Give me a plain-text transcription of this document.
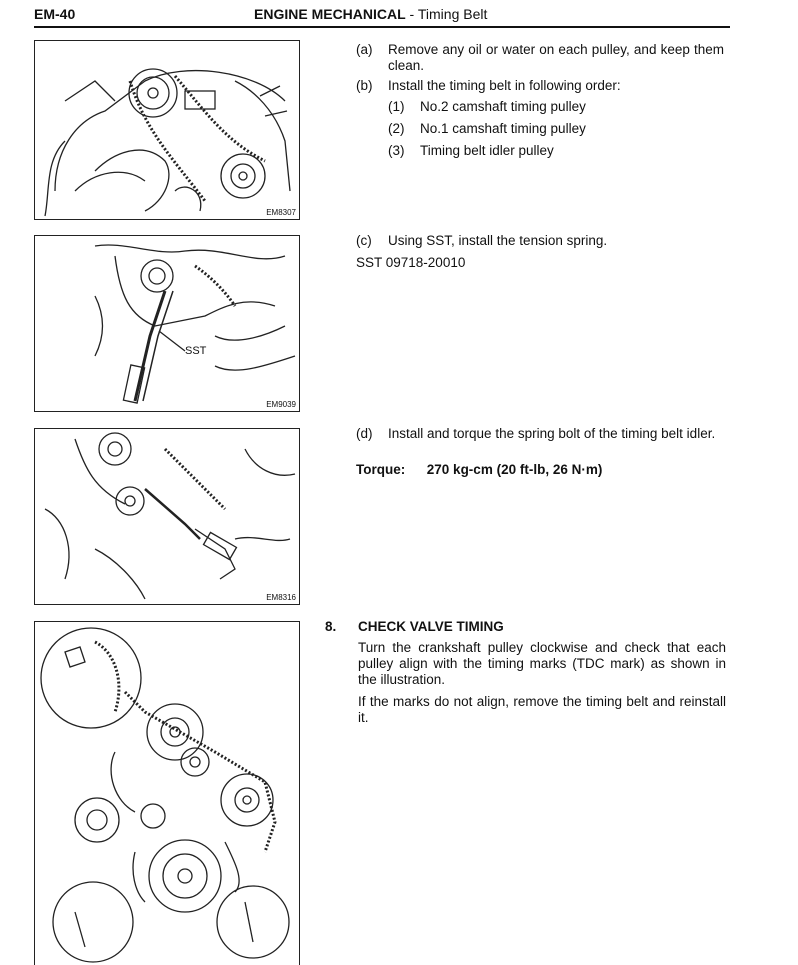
EM-40	ENGINE MECHANICAL - Timing Belt
EM8307
SST
EM9039
EM8316
(a) Remove any oil or water on each pulley, and keep them clean.
(b) Install the timing belt in following order:
(1) No.2 camshaft timing pulley
(2) No.1 camshaft timing pulley
(3) Timing belt idler pulley
(c) Using SST, install the tension spring.
SST 09718-20010
(d) Install and torque the spring bolt of the timing belt idler.
Torque: 270 kg-cm (20 ft-lb, 26 N·m)
8. CHECK VALVE TIMING
Turn the crankshaft pulley clockwise and check that each pulley align with the timing marks (TDC mark) as shown in the illustration.
If the marks do not align, remove the timing belt and reinstall it.
